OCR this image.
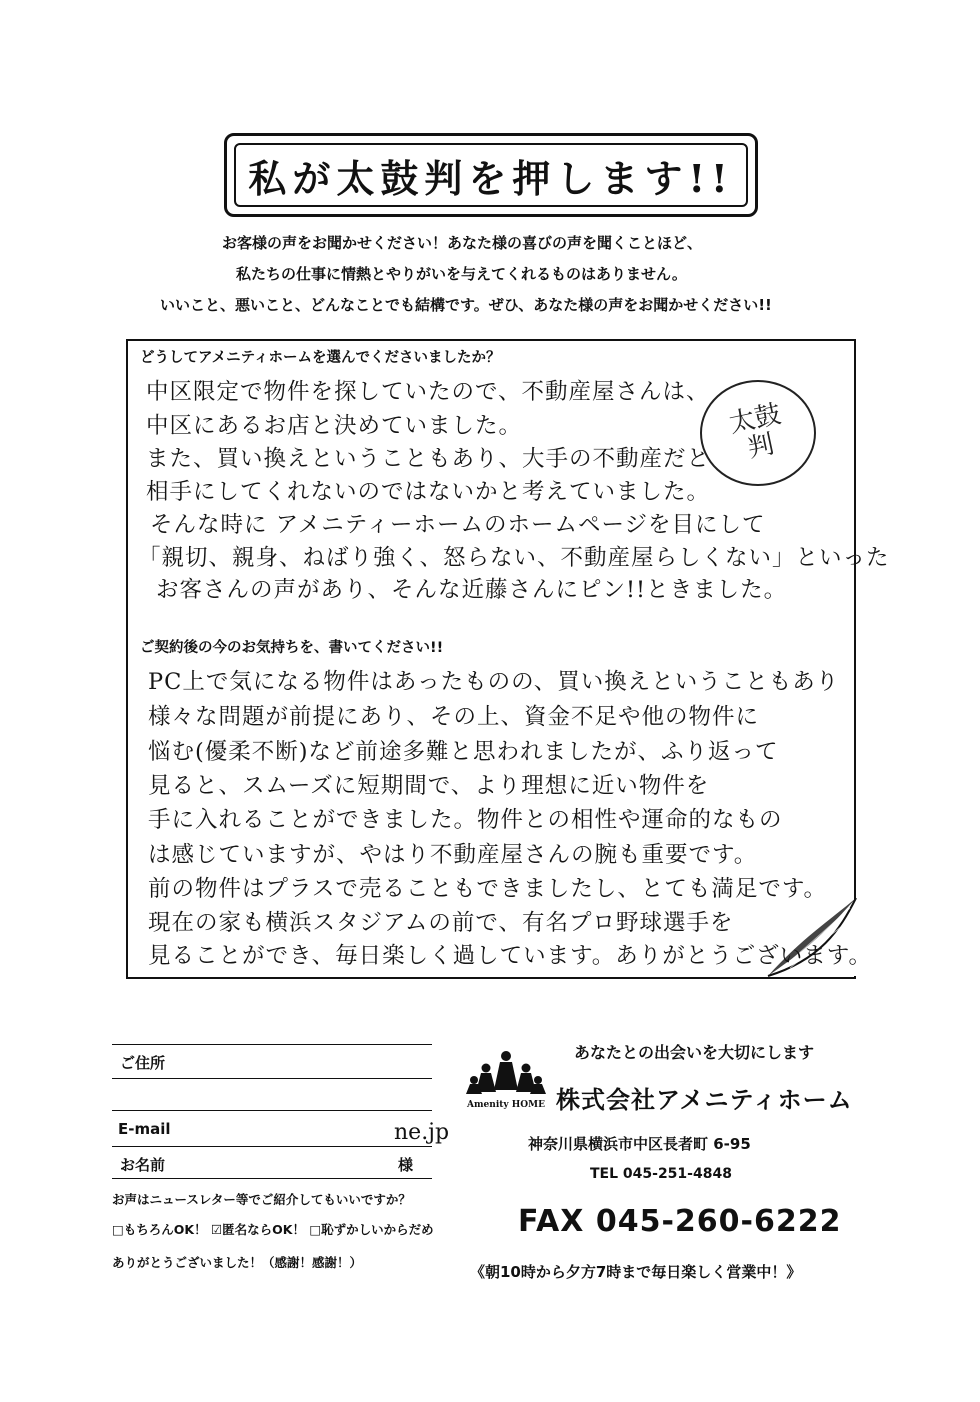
私が太鼓判を押します!!
お客様の声をお聞かせください！あなた様の喜びの声を聞くことほど、
私たちの仕事に情熱とやりがいを与えてくれるものはありません。
いいこと、悪いこと、どんなことでも結構です。ぜひ、あなた様の声をお聞かせください!!
どうしてアメニティホームを選んでくださいましたか？
中区限定で物件を探していたので、不動産屋さんは、
中区にあるお店と決めていました。
また、買い換えということもあり、大手の不動産だと
相手にしてくれないのではないかと考えていました。
そんな時に アメニティーホームのホームページを目にして
「親切、親身、ねばり強く、怒らない、不動産屋らしくない」といった
お客さんの声があり、そんな近藤さんにピン!!ときました。
太鼓判
ご契約後の今のお気持ちを、書いてください!!
PC上で気になる物件はあったものの、買い換えということもあり
様々な問題が前提にあり、その上、資金不足や他の物件に
悩む(優柔不断)など前途多難と思われましたが、ふり返って
見ると、スムーズに短期間で、より理想に近い物件を
手に入れることができました。物件との相性や運命的なもの
は感じていますが、やはり不動産屋さんの腕も重要です。
前の物件はプラスで売ることもできましたし、とても満足です。
現在の家も横浜スタジアムの前で、有名プロ野球選手を
見ることができ、毎日楽しく過しています。ありがとうございます。
ご住所
E-mail	ne.jp
お名前	様
お声はニュースレター等でご紹介してもいいですか？
□もちろんOK！ ☑匿名ならOK！ □恥ずかしいからだめ
ありがとうございました！（感謝！感謝！）
あなたとの出会いを大切にします
Amenity HOME 株式会社アメニティホーム
神奈川県横浜市中区長者町 6-95
TEL 045-251-4848
FAX 045-260-6222
《朝10時から夕方7時まで毎日楽しく営業中！》
